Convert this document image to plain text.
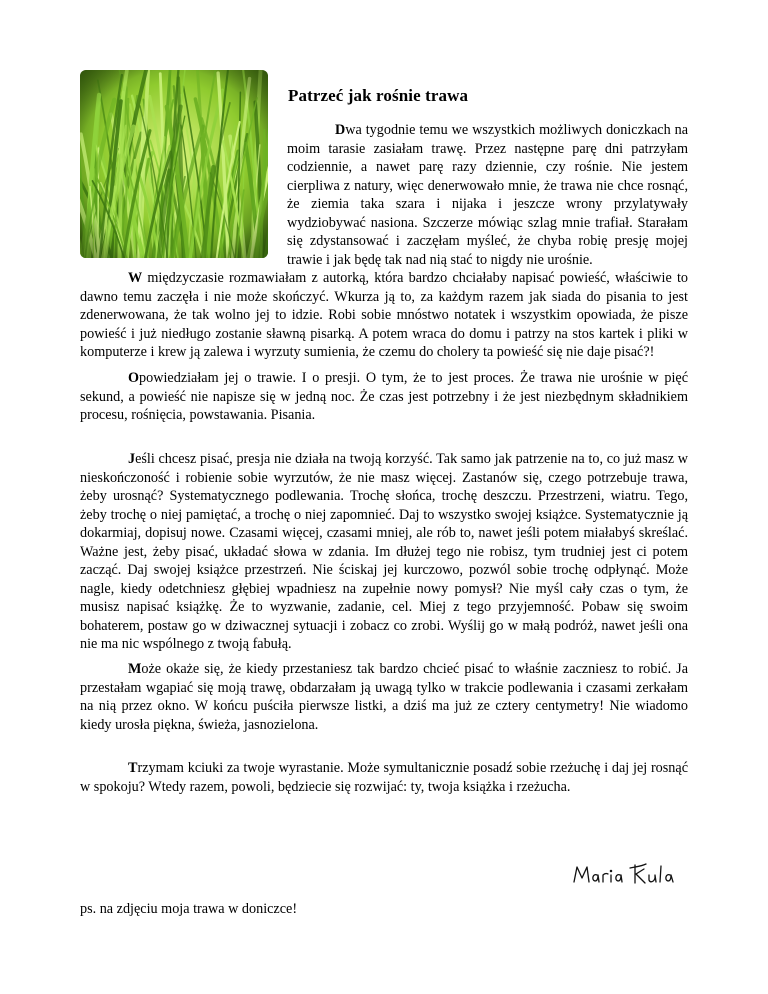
Patrzeć jak rośnie trawa

Dwa tygodnie temu we wszystkich możliwych doniczkach na moim tarasie zasiałam trawę. Przez następne parę dni patrzyłam codziennie, a nawet parę razy dziennie, czy rośnie. Nie jestem cierpliwa z natury, więc denerwowało mnie, że trawa nie chce rosnąć, że ziemia taka szara i nijaka i jeszcze wrony przylatywały wydziobywać nasiona. Szczerze mówiąc szlag mnie trafiał. Starałam się zdystansować i zaczęłam myśleć, że chyba robię presję mojej trawie i jak będę tak nad nią stać to nigdy nie urośnie.

W międzyczasie rozmawiałam z autorką, która bardzo chciałaby napisać powieść, właściwie to dawno temu zaczęła i nie może skończyć. Wkurza ją to, za każdym razem jak siada do pisania to jest zdenerwowana, że tak wolno jej to idzie. Robi sobie mnóstwo notatek i wszystkim opowiada, że pisze powieść i już niedługo zostanie sławną pisarką. A potem wraca do domu i patrzy na stos kartek i pliki w komputerze i krew ją zalewa i wyrzuty sumienia, że czemu do cholery ta powieść się nie daje pisać?!

Opowiedziałam jej o trawie. I o presji. O tym, że to jest proces. Że trawa nie urośnie w pięć sekund, a powieść nie napisze się w jedną noc. Że czas jest potrzebny i że jest niezbędnym składnikiem procesu, rośnięcia, powstawania. Pisania.

Jeśli chcesz pisać, presja nie działa na twoją korzyść. Tak samo jak patrzenie na to, co już masz w nieskończoność i robienie sobie wyrzutów, że nie masz więcej. Zastanów się, czego potrzebuje trawa, żeby urosnąć? Systematycznego podlewania. Trochę słońca, trochę deszczu. Przestrzeni, wiatru. Tego, żeby trochę o niej pamiętać, a trochę o niej zapomnieć. Daj to wszystko swojej książce. Systematycznie ją dokarmiaj, dopisuj nowe. Czasami więcej, czasami mniej, ale rób to, nawet jeśli potem miałabyś skreślać. Ważne jest, żeby pisać, układać słowa w zdania. Im dłużej tego nie robisz, tym trudniej jest ci potem zacząć. Daj swojej książce przestrzeń. Nie ściskaj jej kurczowo, pozwól sobie trochę odpłynąć. Może nagle, kiedy odetchniesz głębiej wpadniesz na zupełnie nowy pomysł? Nie myśl cały czas o tym, że musisz napisać książkę. Że to wyzwanie, zadanie, cel. Miej z tego przyjemność. Pobaw się swoim bohaterem, postaw go w dziwacznej sytuacji i zobacz co zrobi. Wyślij go w małą podróż, nawet jeśli ona nie ma nic wspólnego z twoją fabułą.

Może okaże się, że kiedy przestaniesz tak bardzo chcieć pisać to właśnie zaczniesz to robić. Ja przestałam wgapiać się moją trawę, obdarzałam ją uwagą tylko w trakcie podlewania i czasami zerkałam na nią przez okno. W końcu puściła pierwsze listki, a dziś ma już ze cztery centymetry! Nie wiadomo kiedy urosła piękna, świeża, jasnozielona.

Trzymam kciuki za twoje wyrastanie. Może symultanicznie posadź sobie rzeżuchę i daj jej rosnąć w spokoju? Wtedy razem, powoli, będziecie się rozwijać: ty, twoja książka i rzeżucha.

ps. na zdjęciu moja trawa w doniczce!
